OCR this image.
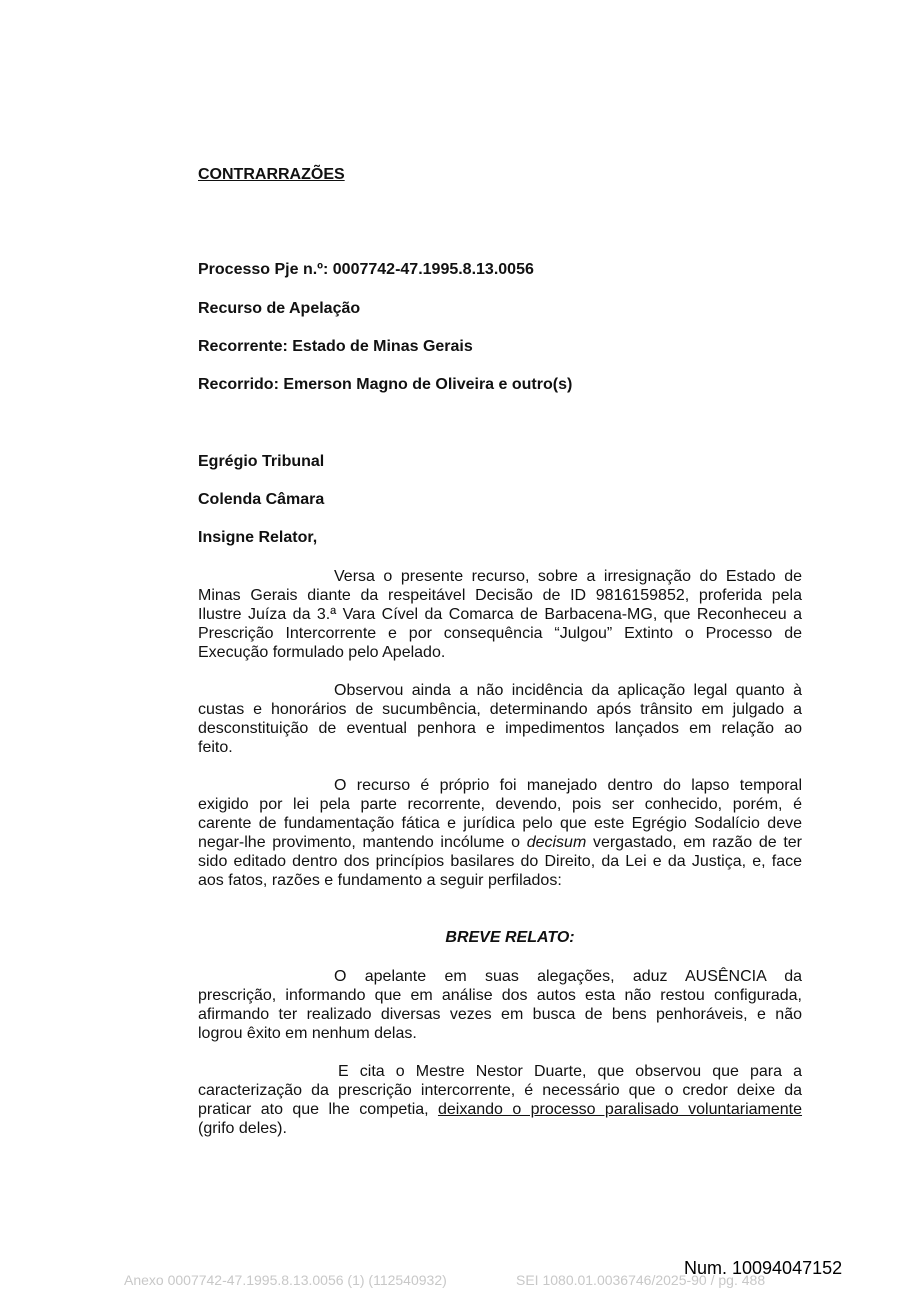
CONTRARRAZÕES

Processo Pje n.º: 0007742-47.1995.8.13.0056

Recurso de Apelação

Recorrente: Estado de Minas Gerais

Recorrido: Emerson Magno de Oliveira e outro(s)

Egrégio Tribunal

Colenda Câmara

Insigne Relator,

Versa o presente recurso, sobre a irresignação do Estado de
Minas Gerais diante da respeitável Decisão de ID 9816159852, proferida pela
Ilustre Juíza da 3.ª Vara Cível da Comarca de Barbacena-MG, que Reconheceu a
Prescrição Intercorrente e por consequência “Julgou” Extinto o Processo de
Execução formulado pelo Apelado.
Observou ainda a não incidência da aplicação legal quanto à
custas e honorários de sucumbência, determinando após trânsito em julgado a
desconstituição de eventual penhora e impedimentos lançados em relação ao
feito.
O recurso é próprio foi manejado dentro do lapso temporal
exigido por lei pela parte recorrente, devendo, pois ser conhecido, porém, é
carente de fundamentação fática e jurídica pelo que este Egrégio Sodalício deve
negar-lhe provimento, mantendo incólume o decisum vergastado, em razão de ter
sido editado dentro dos princípios basilares do Direito, da Lei e da Justiça, e, face
aos fatos, razões e fundamento a seguir perfilados:

BREVE RELATO:

O apelante em suas alegações, aduz AUSÊNCIA da
prescrição, informando que em análise dos autos esta não restou configurada,
afirmando ter realizado diversas vezes em busca de bens penhoráveis, e não
logrou êxito em nenhum delas.
E cita o Mestre Nestor Duarte, que observou que para a
caracterização da prescrição intercorrente, é necessário que o credor deixe da
praticar ato que lhe competia, deixando o processo paralisado voluntariamente
(grifo deles).

Num. 10094047152

Anexo 0007742-47.1995.8.13.0056 (1) (112540932)	SEI 1080.01.0036746/2025-90 / pg. 488
